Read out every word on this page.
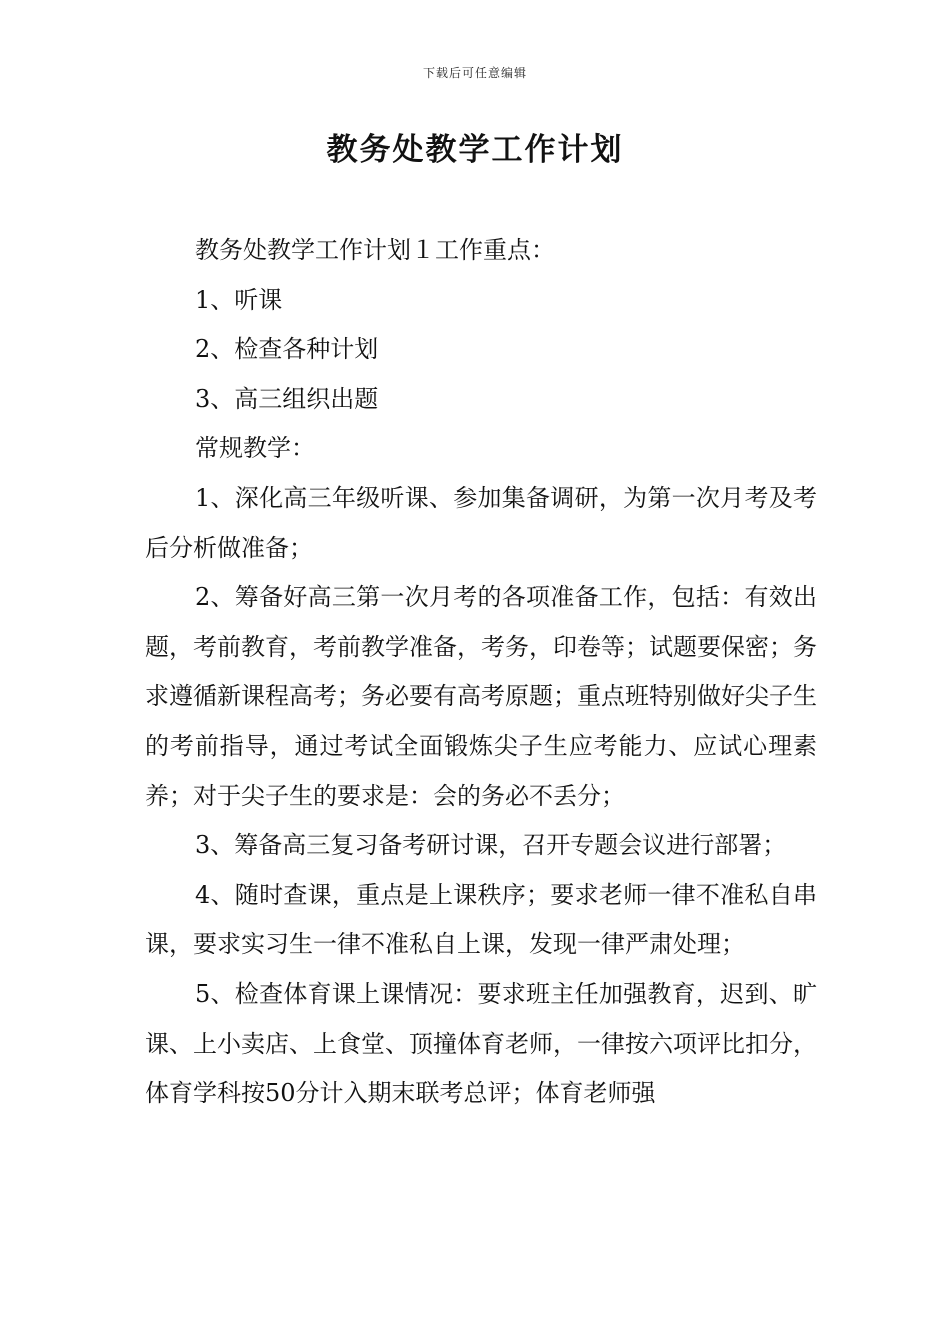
下载后可任意编辑
教务处教学工作计划

教务处教学工作计划１工作重点：

1、听课

2、检查各种计划

3、高三组织出题

常规教学：

1、深化高三年级听课、参加集备调研，为第一次月考及考后分析做准备；

2、筹备好高三第一次月考的各项准备工作，包括：有效出题，考前教育，考前教学准备，考务，印卷等；试题要保密；务求遵循新课程高考；务必要有高考原题；重点班特别做好尖子生的考前指导，通过考试全面锻炼尖子生应考能力、应试心理素养；对于尖子生的要求是：会的务必不丢分；

3、筹备高三复习备考研讨课，召开专题会议进行部署；

4、随时查课，重点是上课秩序；要求老师一律不准私自串课，要求实习生一律不准私自上课，发现一律严肃处理；

5、检查体育课上课情况：要求班主任加强教育，迟到、旷课、上小卖店、上食堂、顶撞体育老师，一律按六项评比扣分，体育学科按50分计入期末联考总评；体育老师强
